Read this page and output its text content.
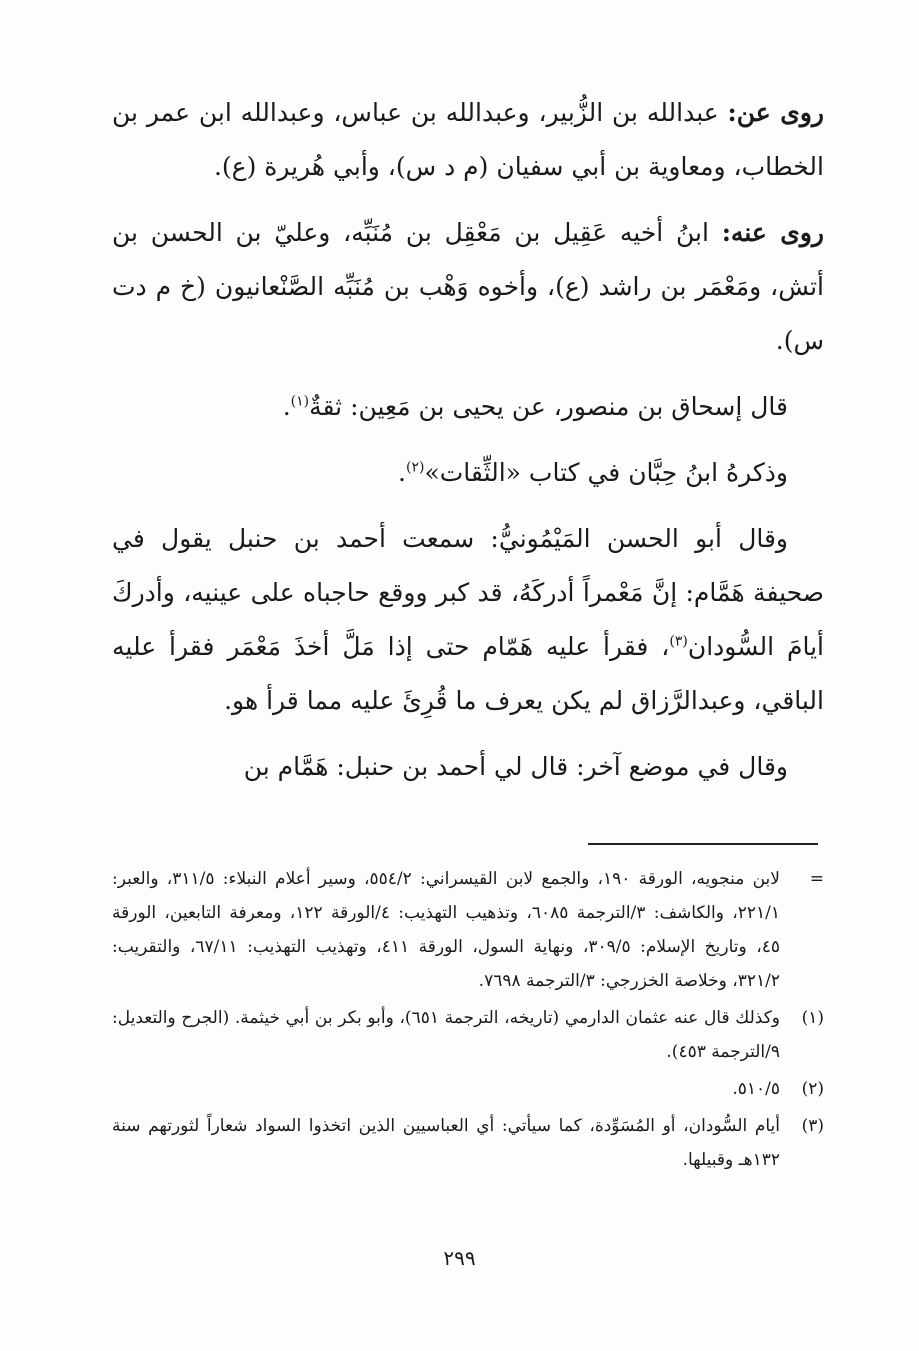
روى عن: عبدالله بن الزُّبير، وعبدالله بن عباس، وعبدالله ابن عمر بن الخطاب، ومعاوية بن أبي سفيان (م د س)، وأبي هُريرة (ع).

روى عنه: ابنُ أخيه عَقِيل بن مَعْقِل بن مُنَبِّه، وعليّ بن الحسن بن أتش، ومَعْمَر بن راشد (ع)، وأخوه وَهْب بن مُنَبِّه الصَّنْعانيون (خ م دت س).

قال إسحاق بن منصور، عن يحيى بن مَعِين: ثقةٌ$^{(١)}$.

وذكرهُ ابنُ حِبَّان في كتاب «الثِّقات»$^{(٢)}$.

وقال أبو الحسن المَيْمُونيُّ: سمعت أحمد بن حنبل يقول في صحيفة هَمَّام: إنَّ مَعْمراً أدركَهُ، قد كبر ووقع حاجباه على عينيه، وأدركَ أيامَ السُّودان$^{(٣)}$، فقرأ عليه هَمّام حتى إذا مَلَّ أخذَ مَعْمَر فقرأ عليه الباقي، وعبدالرَّزاق لم يكن يعرف ما قُرِئَ عليه مما قرأ هو.

وقال في موضع آخر: قال لي أحمد بن حنبل: هَمَّام بن

=
لابن منجويه، الورقة ١٩٠، والجمع لابن القيسراني: ٥٥٤/٢، وسير أعلام النبلاء: ٣١١/٥، والعبر: ٢٢١/١، والكاشف: ٣/الترجمة ٦٠٨٥، وتذهيب التهذيب: ٤/الورقة ١٢٢، ومعرفة التابعين، الورقة ٤٥، وتاريخ الإسلام: ٣٠٩/٥، ونهاية السول، الورقة ٤١١، وتهذيب التهذيب: ٦٧/١١، والتقريب: ٣٢١/٢، وخلاصة الخزرجي: ٣/الترجمة ٧٦٩٨.
(١)
وكذلك قال عنه عثمان الدارمي (تاريخه، الترجمة ٦٥١)، وأبو بكر بن أبي خيثمة. (الجرح والتعديل: ٩/الترجمة ٤٥٣).
(٢)
٥١٠/٥.
(٣)
أيام السُّودان، أو المُسَوِّدة، كما سيأتي: أي العباسيين الذين اتخذوا السواد شعاراً لثورتهم سنة ١٣٢هـ وقبيلها.
٢٩٩
